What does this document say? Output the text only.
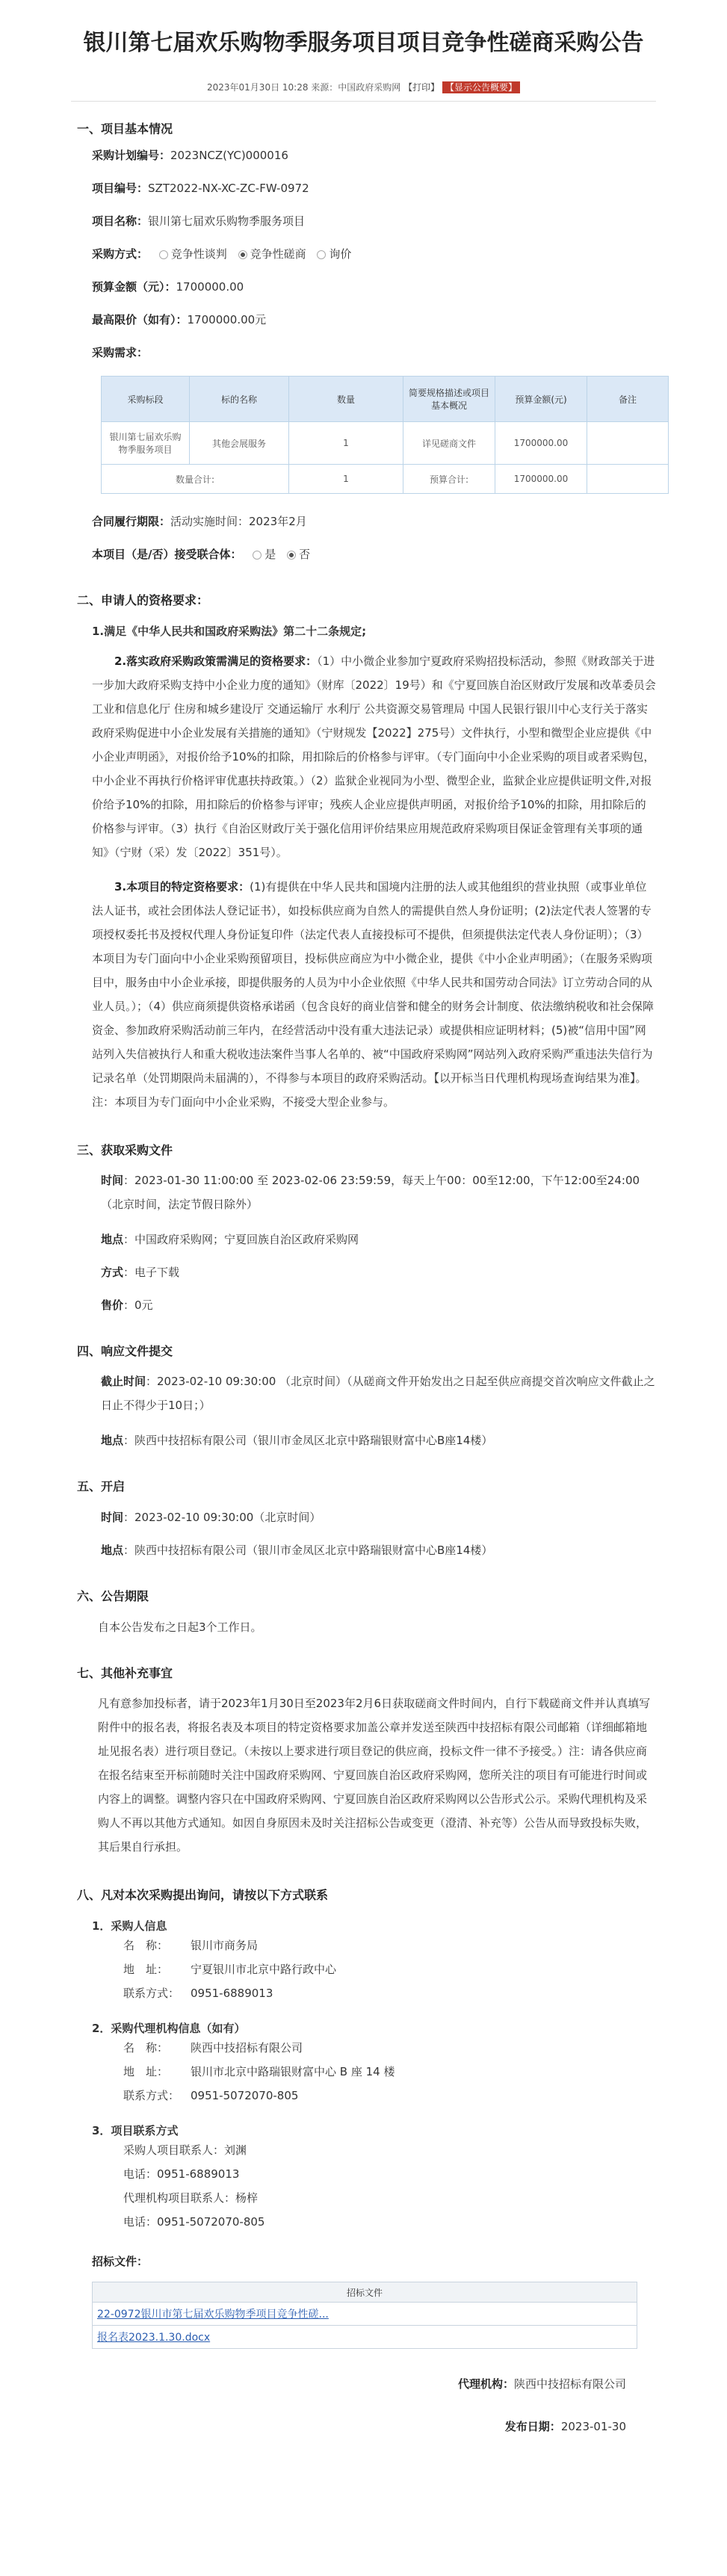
银川第七届欢乐购物季服务项目项目竞争性磋商采购公告
2023年01月30日 10:28 来源：中国政府采购网 【打印】 【显示公告概要】
一、项目基本情况
采购计划编号：2023NCZ(YC)000016
项目编号：SZT2022-NX-XC-ZC-FW-0972
项目名称：银川第七届欢乐购物季服务项目
采购方式： 竞争性谈判 竞争性磋商 询价
预算金额（元）：1700000.00
最高限价（如有）：1700000.00元
采购需求：
采购标段	标的名称	数量	简要规格描述或项目基本概况	预算金额(元)	备注
银川第七届欢乐购物季服务项目	其他会展服务	1	详见磋商文件	1700000.00	
数量合计:		1	预算合计:	1700000.00	
合同履行期限：活动实施时间：2023年2月
本项目（是/否）接受联合体： 是 否
二、申请人的资格要求：
1.满足《中华人民共和国政府采购法》第二十二条规定;
2.落实政府采购政策需满足的资格要求：（1）中小微企业参加宁夏政府采购招投标活动，参照《财政部关于进一步加大政府采购支持中小企业力度的通知》（财库〔2022〕19号）和《宁夏回族自治区财政厅发展和改革委员会工业和信息化厅 住房和城乡建设厅 交通运输厅 水利厅 公共资源交易管理局 中国人民银行银川中心支行关于落实政府采购促进中小企业发展有关措施的通知》（宁财规发【2022】275号）文件执行，小型和微型企业应提供《中小企业声明函》，对报价给予10%的扣除，用扣除后的价格参与评审。（专门面向中小企业采购的项目或者采购包，中小企业不再执行价格评审优惠扶持政策。）（2）监狱企业视同为小型、微型企业，监狱企业应提供证明文件,对报价给予10%的扣除，用扣除后的价格参与评审；残疾人企业应提供声明函，对报价给予10%的扣除，用扣除后的价格参与评审。（3）执行《自治区财政厅关于强化信用评价结果应用规范政府采购项目保证金管理有关事项的通知》（宁财（采）发〔2022〕351号）。
3.本项目的特定资格要求：(1)有提供在中华人民共和国境内注册的法人或其他组织的营业执照（或事业单位法人证书，或社会团体法人登记证书），如投标供应商为自然人的需提供自然人身份证明；(2)法定代表人签署的专项授权委托书及授权代理人身份证复印件（法定代表人直接投标可不提供，但须提供法定代表人身份证明）；（3）本项目为专门面向中小企业采购预留项目，投标供应商应为中小微企业，提供《中小企业声明函》；（在服务采购项目中，服务由中小企业承接，即提供服务的人员为中小企业依照《中华人民共和国劳动合同法》订立劳动合同的从业人员。）；（4）供应商须提供资格承诺函（包含良好的商业信誉和健全的财务会计制度、依法缴纳税收和社会保障资金、参加政府采购活动前三年内，在经营活动中没有重大违法记录）或提供相应证明材料；(5)被“信用中国”网站列入失信被执行人和重大税收违法案件当事人名单的、被“中国政府采购网”网站列入政府采购严重违法失信行为记录名单（处罚期限尚未届满的），不得参与本项目的政府采购活动。【以开标当日代理机构现场查询结果为准】。注：本项目为专门面向中小企业采购，不接受大型企业参与。
三、获取采购文件
时间：2023-01-30 11:00:00 至 2023-02-06 23:59:59，每天上午00：00至12:00，下午12:00至24:00（北京时间，法定节假日除外）
地点：中国政府采购网；宁夏回族自治区政府采购网
方式：电子下载
售价：0元
四、响应文件提交
截止时间：2023-02-10 09:30:00 （北京时间）（从磋商文件开始发出之日起至供应商提交首次响应文件截止之日止不得少于10日；）
地点：陕西中技招标有限公司（银川市金凤区北京中路瑞银财富中心B座14楼）
五、开启
时间：2023-02-10 09:30:00（北京时间）
地点：陕西中技招标有限公司（银川市金凤区北京中路瑞银财富中心B座14楼）
六、公告期限
自本公告发布之日起3个工作日。
七、其他补充事宜
凡有意参加投标者，请于2023年1月30日至2023年2月6日获取磋商文件时间内，自行下载磋商文件并认真填写附件中的报名表，将报名表及本项目的特定资格要求加盖公章并发送至陕西中技招标有限公司邮箱（详细邮箱地址见报名表）进行项目登记。（未按以上要求进行项目登记的供应商，投标文件一律不予接受。）注：请各供应商在报名结束至开标前随时关注中国政府采购网、宁夏回族自治区政府采购网，您所关注的项目有可能进行时间或内容上的调整。调整内容只在中国政府采购网、宁夏回族自治区政府采购网以公告形式公示。采购代理机构及采购人不再以其他方式通知。如因自身原因未及时关注招标公告或变更（澄清、补充等）公告从而导致投标失败，其后果自行承担。
八、凡对本次采购提出询问，请按以下方式联系
1．采购人信息
名　称： 银川市商务局
地　址： 宁夏银川市北京中路行政中心
联系方式： 0951-6889013
2．采购代理机构信息（如有）
名　称： 陕西中技招标有限公司
地　址： 银川市北京中路瑞银财富中心 B 座 14 楼
联系方式： 0951-5072070-805
3．项目联系方式
采购人项目联系人：刘渊
电话：0951-6889013
代理机构项目联系人：杨梓
电话：0951-5072070-805
招标文件：
招标文件
22-0972银川市第七届欢乐购物季项目竞争性磋...
报名表2023.1.30.docx
代理机构：陕西中技招标有限公司
发布日期：2023-01-30
